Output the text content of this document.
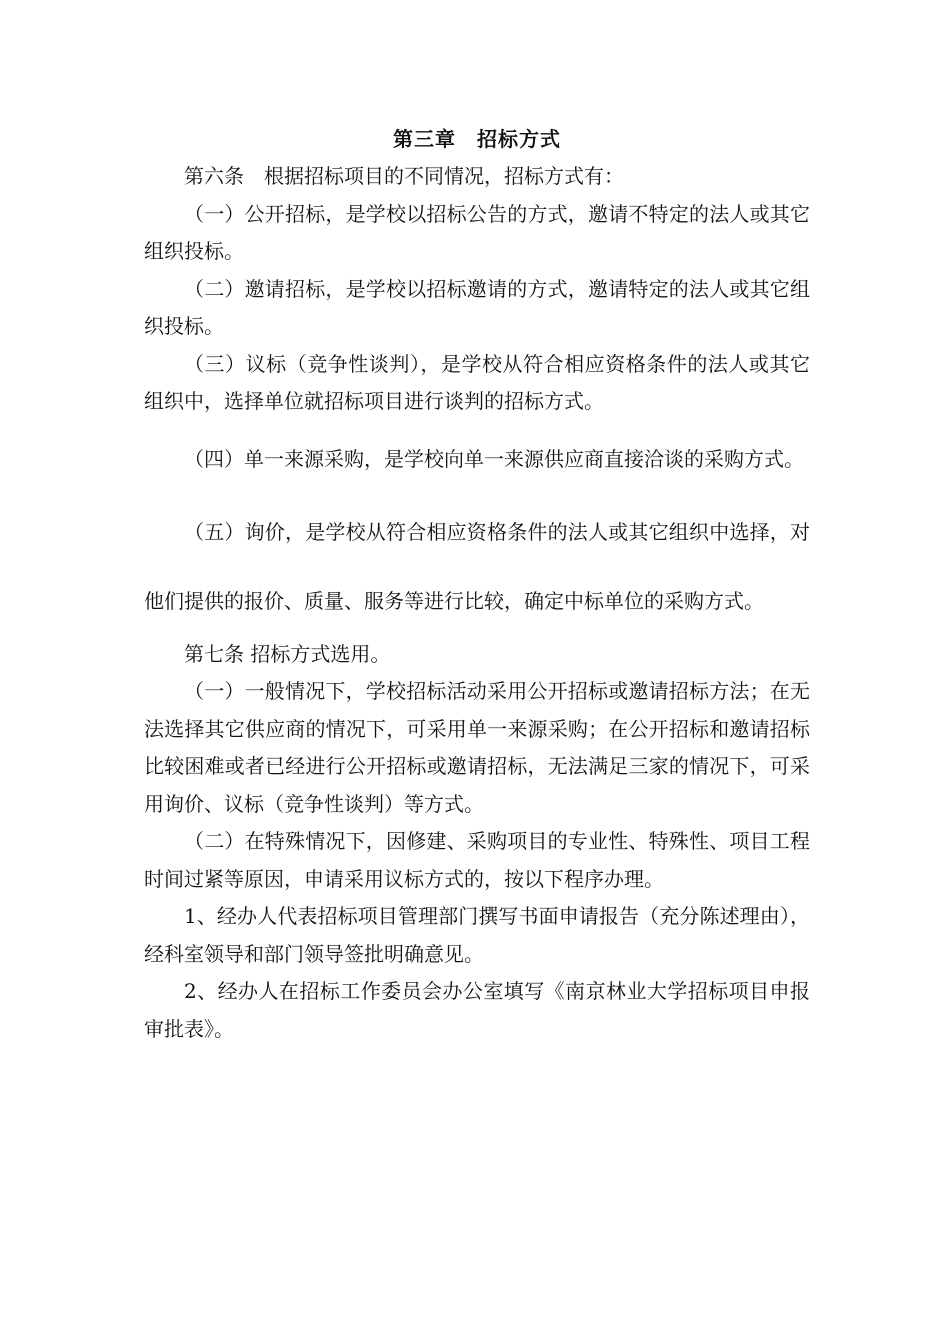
第三章　招标方式

第六条　根据招标项目的不同情况，招标方式有：

（一）公开招标，是学校以招标公告的方式，邀请不特定的法人或其它组织投标。

（二）邀请招标，是学校以招标邀请的方式，邀请特定的法人或其它组织投标。

（三）议标（竞争性谈判），是学校从符合相应资格条件的法人或其它组织中，选择单位就招标项目进行谈判的招标方式。

（四）单一来源采购，是学校向单一来源供应商直接洽谈的采购方式。

（五）询价，是学校从符合相应资格条件的法人或其它组织中选择，对他们提供的报价、质量、服务等进行比较，确定中标单位的采购方式。

第七条 招标方式选用。

（一）一般情况下，学校招标活动采用公开招标或邀请招标方法；在无法选择其它供应商的情况下，可采用单一来源采购；在公开招标和邀请招标比较困难或者已经进行公开招标或邀请招标，无法满足三家的情况下，可采用询价、议标（竞争性谈判）等方式。

（二）在特殊情况下，因修建、采购项目的专业性、特殊性、项目工程时间过紧等原因，申请采用议标方式的，按以下程序办理。

1、经办人代表招标项目管理部门撰写书面申请报告（充分陈述理由），经科室领导和部门领导签批明确意见。

2、经办人在招标工作委员会办公室填写《南京林业大学招标项目申报审批表》。
